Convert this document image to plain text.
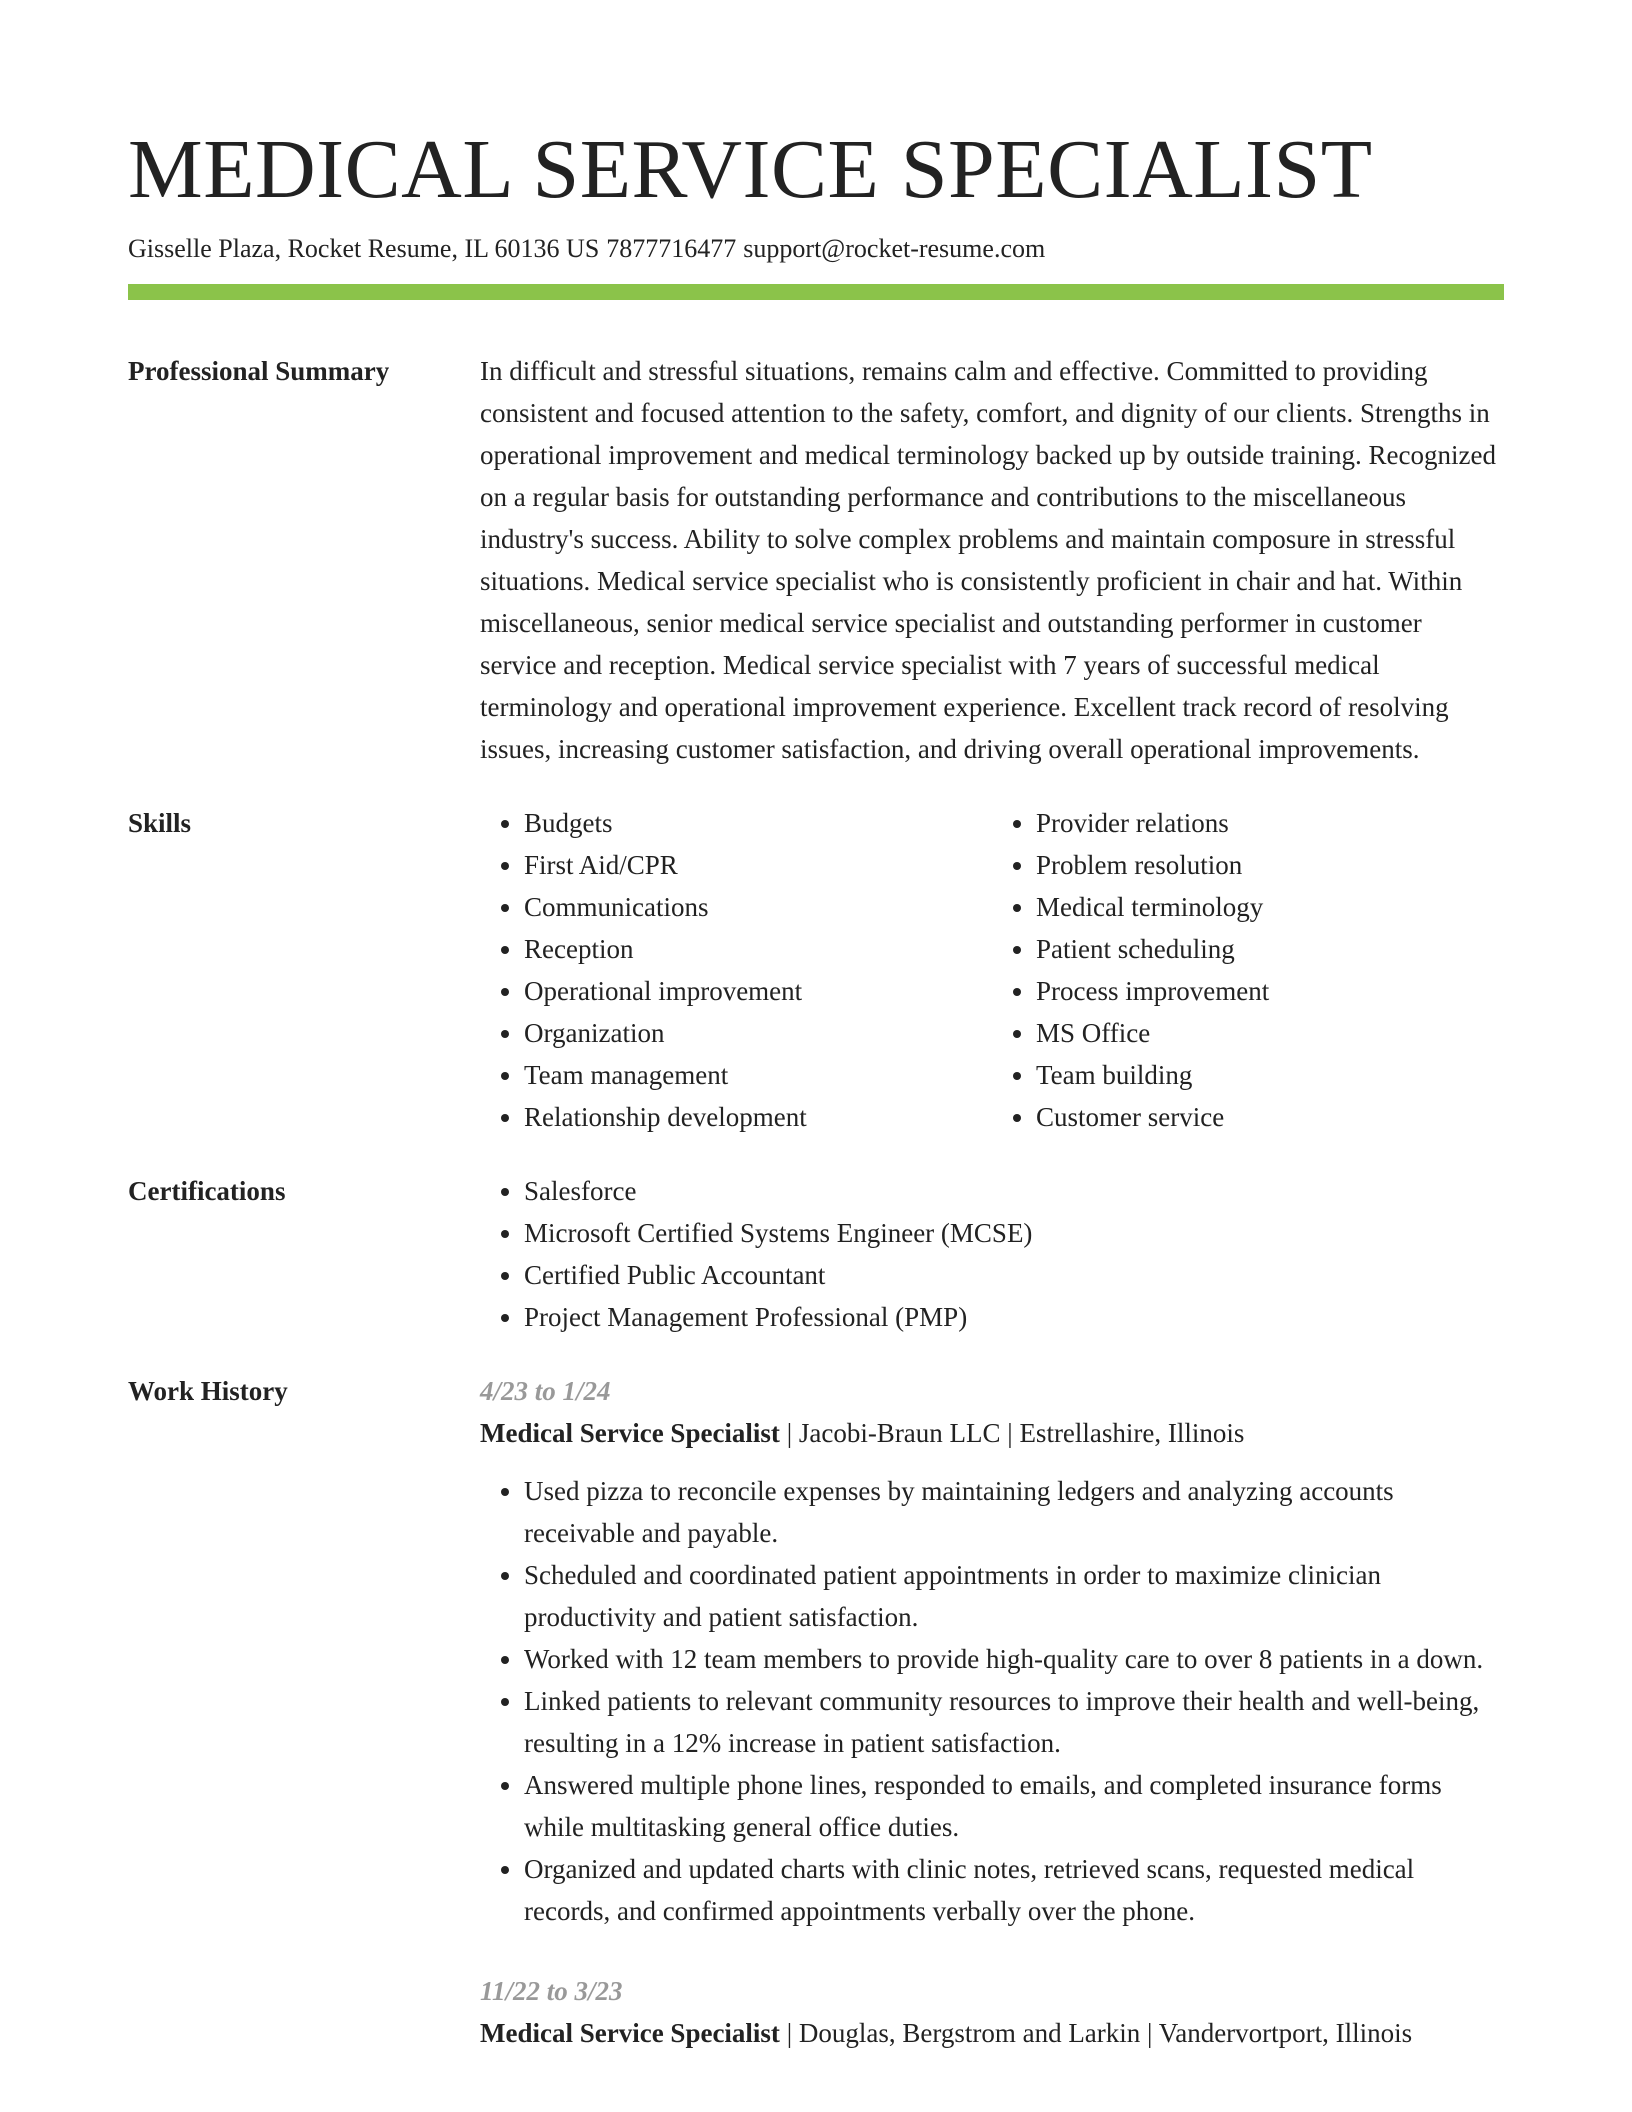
MEDICAL SERVICE SPECIALIST
Gisselle Plaza, Rocket Resume, IL 60136 US 7877716477 support@rocket-resume.com
Professional Summary	In difficult and stressful situations, remains calm and effective. Committed to providing consistent and focused attention to the safety, comfort, and dignity of our clients. Strengths in operational improvement and medical terminology backed up by outside training. Recognized on a regular basis for outstanding performance and contributions to the miscellaneous industry's success. Ability to solve complex problems and maintain composure in stressful situations. Medical service specialist who is consistently proficient in chair and hat. Within miscellaneous, senior medical service specialist and outstanding performer in customer service and reception. Medical service specialist with 7 years of successful medical terminology and operational improvement experience. Excellent track record of resolving issues, increasing customer satisfaction, and driving overall operational improvements.

Skills	• Budgets
• First Aid/CPR
• Communications
• Reception
• Operational improvement
• Organization
• Team management
• Relationship development
• Provider relations
• Problem resolution
• Medical terminology
• Patient scheduling
• Process improvement
• MS Office
• Team building
• Customer service
Certifications	• Salesforce
• Microsoft Certified Systems Engineer (MCSE)
• Certified Public Accountant
• Project Management Professional (PMP)
Work History	4/23 to 1/24
Medical Service Specialist | Jacobi-Braun LLC | Estrellashire, Illinois
• Used pizza to reconcile expenses by maintaining ledgers and analyzing accounts receivable and payable.
• Scheduled and coordinated patient appointments in order to maximize clinician productivity and patient satisfaction.
• Worked with 12 team members to provide high-quality care to over 8 patients in a down.
• Linked patients to relevant community resources to improve their health and well-being, resulting in a 12% increase in patient satisfaction.
• Answered multiple phone lines, responded to emails, and completed insurance forms while multitasking general office duties.
• Organized and updated charts with clinic notes, retrieved scans, requested medical records, and confirmed appointments verbally over the phone.
11/22 to 3/23
Medical Service Specialist | Douglas, Bergstrom and Larkin | Vandervortport, Illinois
